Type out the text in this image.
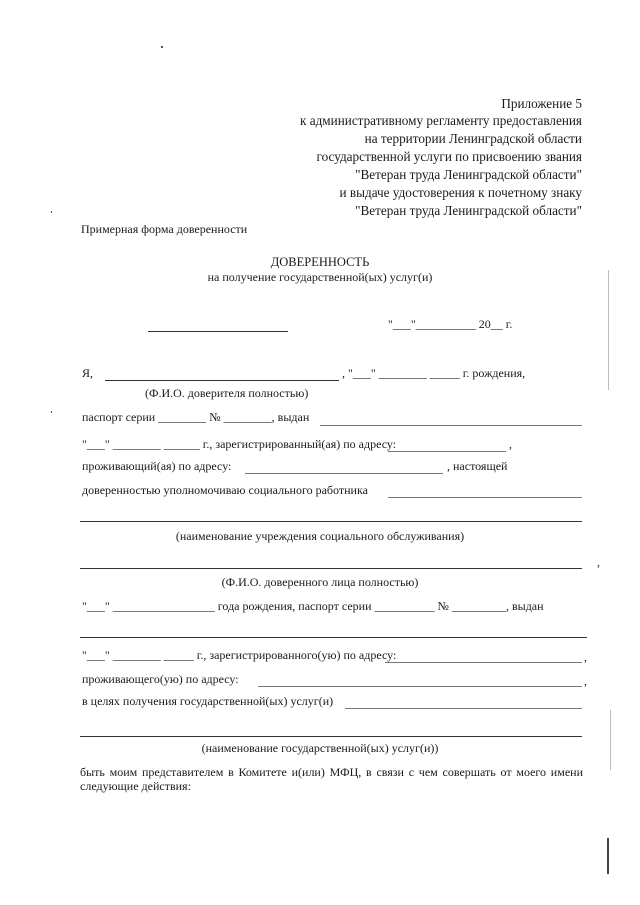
Приложение 5
к административному регламенту предоставления
на территории Ленинградской области
государственной услуги по присвоению звания
"Ветеран труда Ленинградской области"
и выдаче удостоверения к почетному знаку
"Ветеран труда Ленинградской области"
Примерная форма доверенности
ДОВЕРЕННОСТЬ
на получение государственной(ых) услуг(и)
"___"__________ 20__ г.
Я,	, "___" ________ _____ г. рождения,
(Ф.И.О. доверителя полностью)
паспорт серии ________ № ________, выдан
"___" ________ ______ г., зарегистрированный(ая) по адресу:	,
проживающий(ая) по адресу:	, настоящей
доверенностью уполномочиваю социального работника
(наименование учреждения социального обслуживания)
,
(Ф.И.О. доверенного лица полностью)
"___" _________________ года рождения, паспорт серии __________ № _________, выдан
"___" ________ _____ г., зарегистрированного(ую) по адресу:	,
проживающего(ую) по адресу:	,
в целях получения государственной(ых) услуг(и)
(наименование государственной(ых) услуг(и))
быть моим представителем в Комитете и(или) МФЦ, в связи с чем совершать от моего имени
следующие действия:
